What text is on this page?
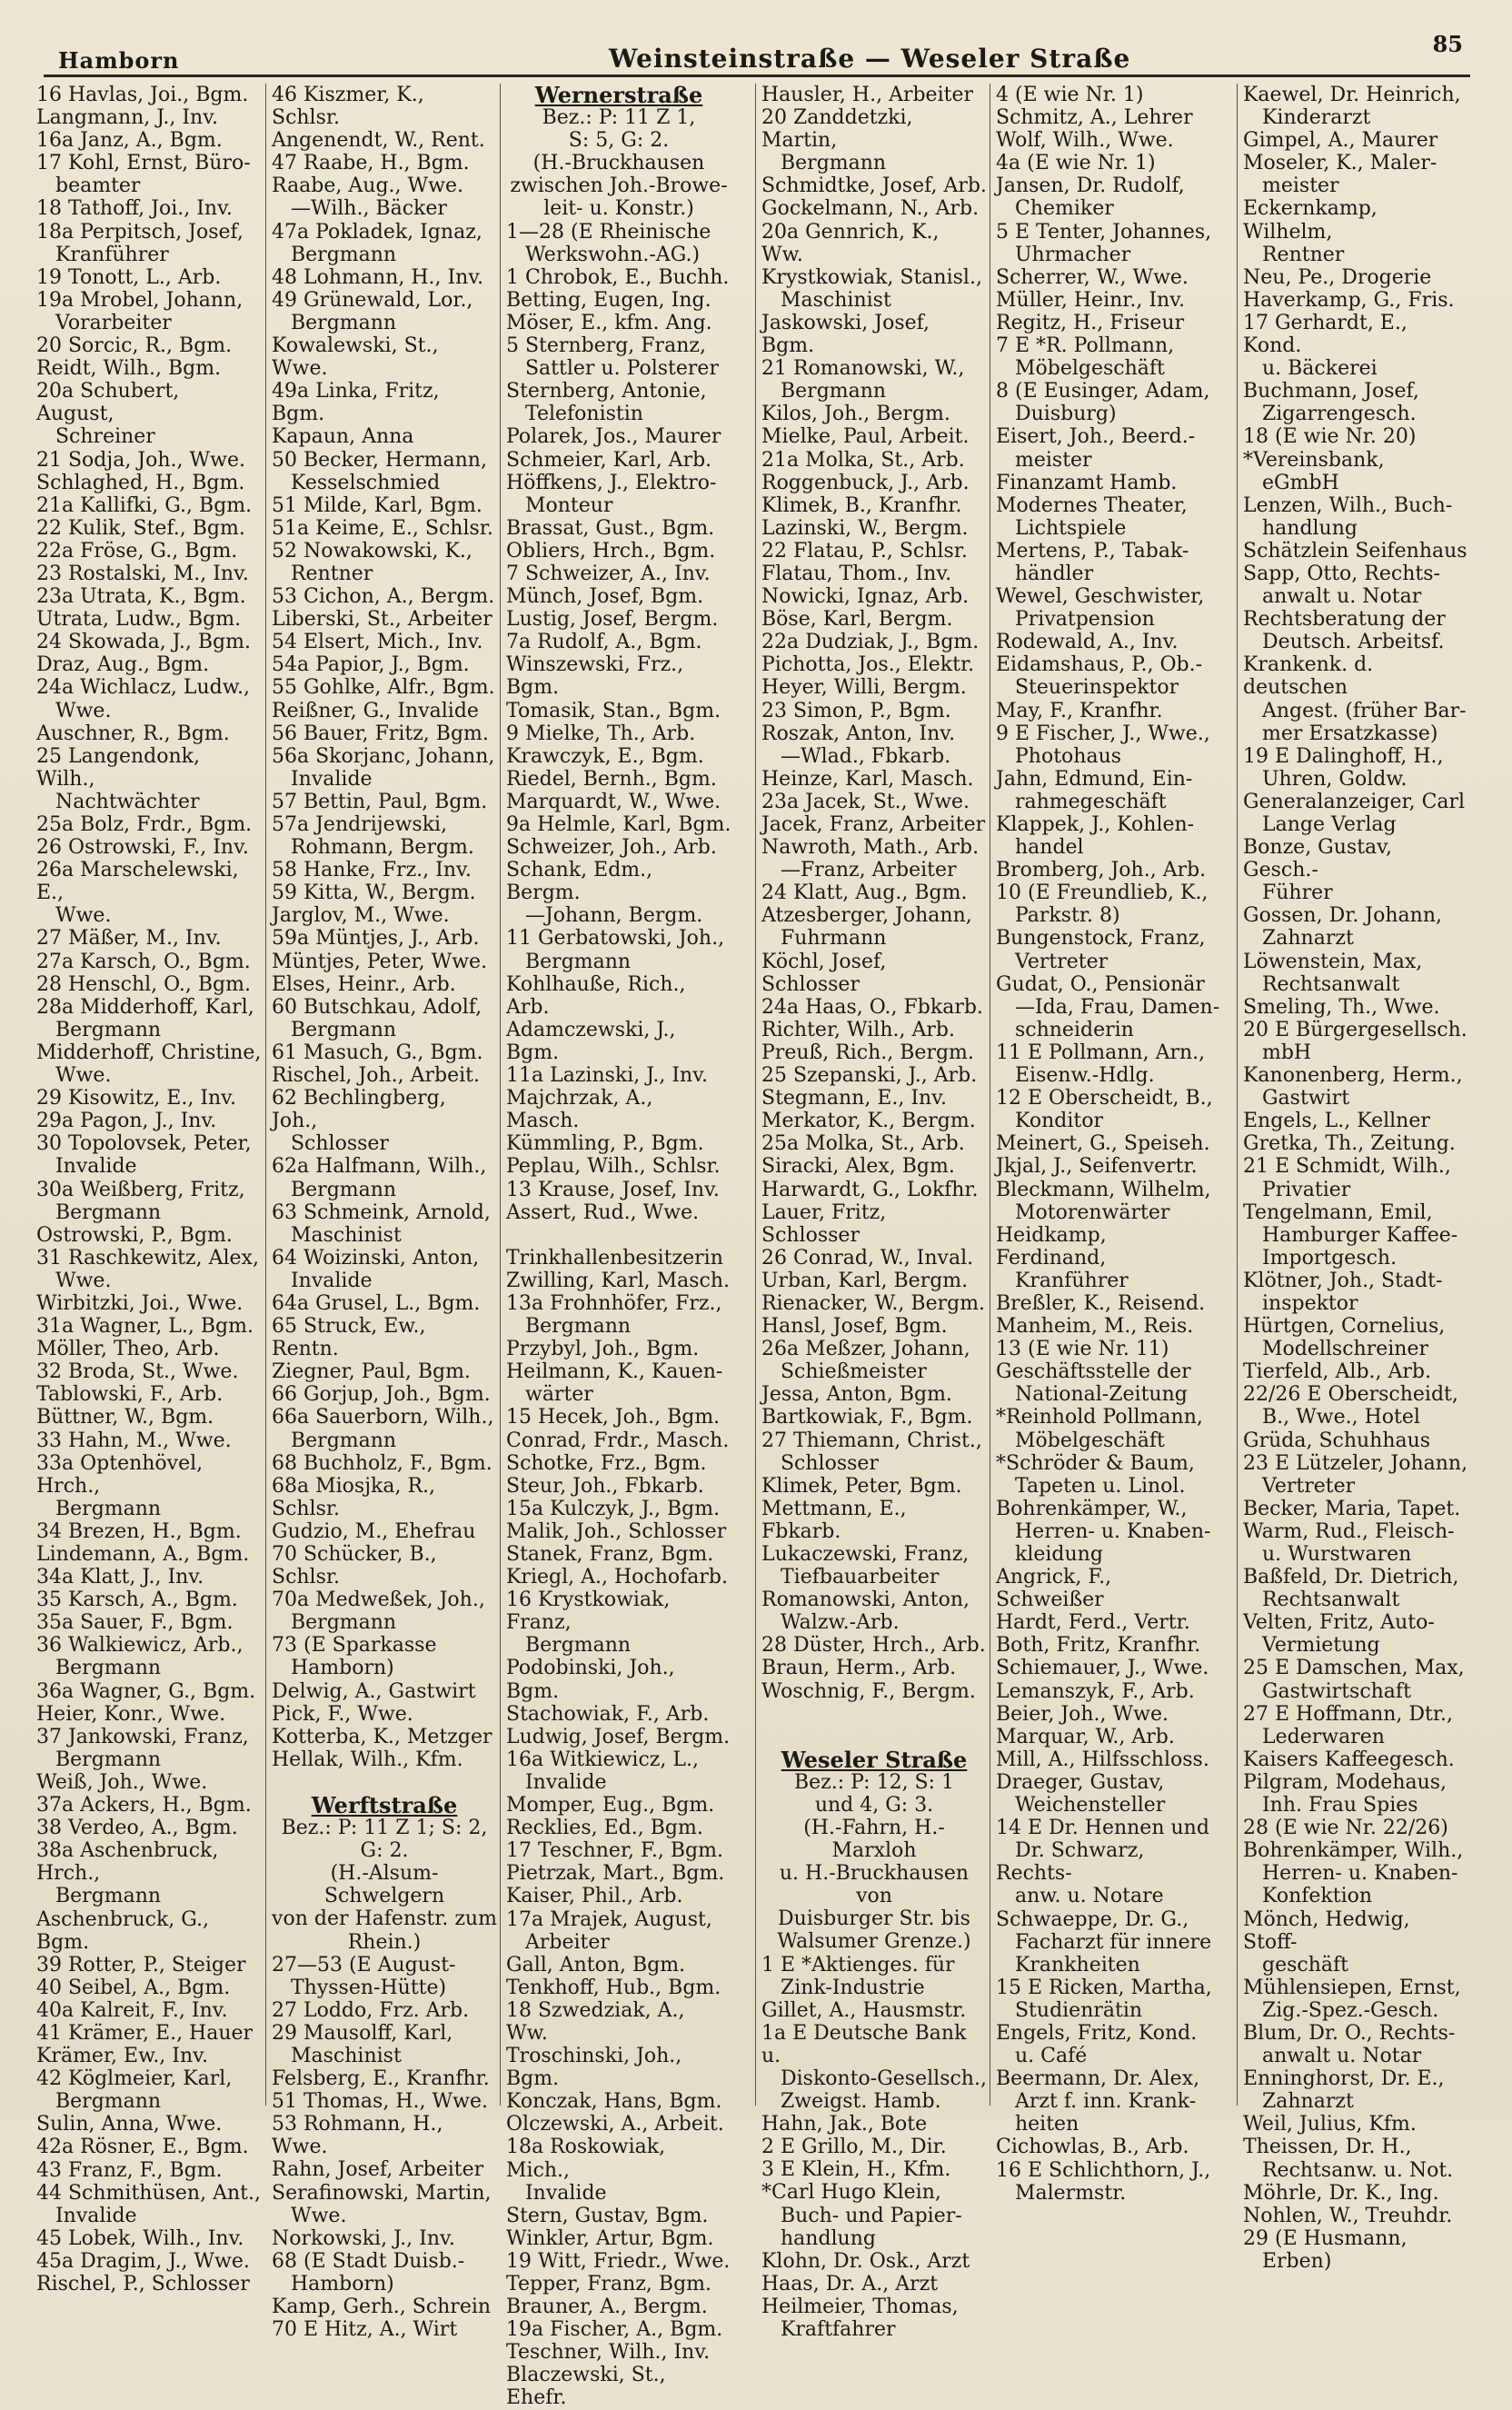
Hamborn	Weinsteinstraße — Weseler Straße	85

16 Havlas, Joi., Bgm.

Langmann, J., Inv.

16a Janz, A., Bgm.

17 Kohl, Ernst, Büro-

beamter

18 Tathoff, Joi., Inv.

18a Perpitsch, Josef,

Kranführer

19 Tonott, L., Arb.

19a Mrobel, Johann,

Vorarbeiter

20 Sorcic, R., Bgm.

Reidt, Wilh., Bgm.

20a Schubert, August,

Schreiner

21 Sodja, Joh., Wwe.

Schlaghed, H., Bgm.

21a Kallifki, G., Bgm.

22 Kulik, Stef., Bgm.

22a Fröse, G., Bgm.

23 Rostalski, M., Inv.

23a Utrata, K., Bgm.

Utrata, Ludw., Bgm.

24 Skowada, J., Bgm.

Draz, Aug., Bgm.

24a Wichlacz, Ludw.,

Wwe.

Auschner, R., Bgm.

25 Langendonk, Wilh.,

Nachtwächter

25a Bolz, Frdr., Bgm.

26 Ostrowski, F., Inv.

26a Marschelewski, E.,

Wwe.

27 Mäßer, M., Inv.

27a Karsch, O., Bgm.

28 Henschl, O., Bgm.

28a Midderhoff, Karl,

Bergmann

Midderhoff, Christine,

Wwe.

29 Kisowitz, E., Inv.

29a Pagon, J., Inv.

30 Topolovsek, Peter,

Invalide

30a Weißberg, Fritz,

Bergmann

Ostrowski, P., Bgm.

31 Raschkewitz, Alex,

Wwe.

Wirbitzki, Joi., Wwe.

31a Wagner, L., Bgm.

Möller, Theo, Arb.

32 Broda, St., Wwe.

Tablowski, F., Arb.

Büttner, W., Bgm.

33 Hahn, M., Wwe.

33a Optenhövel, Hrch.,

Bergmann

34 Brezen, H., Bgm.

Lindemann, A., Bgm.

34a Klatt, J., Inv.

35 Karsch, A., Bgm.

35a Sauer, F., Bgm.

36 Walkiewicz, Arb.,

Bergmann

36a Wagner, G., Bgm.

Heier, Konr., Wwe.

37 Jankowski, Franz,

Bergmann

Weiß, Joh., Wwe.

37a Ackers, H., Bgm.

38 Verdeo, A., Bgm.

38a Aschenbruck, Hrch.,

Bergmann

Aschenbruck, G., Bgm.

39 Rotter, P., Steiger

40 Seibel, A., Bgm.

40a Kalreit, F., Inv.

41 Krämer, E., Hauer

Krämer, Ew., Inv.

42 Köglmeier, Karl,

Bergmann

Sulin, Anna, Wwe.

42a Rösner, E., Bgm.

43 Franz, F., Bgm.

44 Schmithüsen, Ant.,

Invalide

45 Lobek, Wilh., Inv.

45a Dragim, J., Wwe.

Rischel, P., Schlosser

46 Kiszmer, K., Schlsr.

Angenendt, W., Rent.

47 Raabe, H., Bgm.

Raabe, Aug., Wwe.

—Wilh., Bäcker

47a Pokladek, Ignaz,

Bergmann

48 Lohmann, H., Inv.

49 Grünewald, Lor.,

Bergmann

Kowalewski, St., Wwe.

49a Linka, Fritz, Bgm.

Kapaun, Anna

50 Becker, Hermann,

Kesselschmied

51 Milde, Karl, Bgm.

51a Keime, E., Schlsr.

52 Nowakowski, K.,

Rentner

53 Cichon, A., Bergm.

Liberski, St., Arbeiter

54 Elsert, Mich., Inv.

54a Papior, J., Bgm.

55 Gohlke, Alfr., Bgm.

Reißner, G., Invalide

56 Bauer, Fritz, Bgm.

56a Skorjanc, Johann,

Invalide

57 Bettin, Paul, Bgm.

57a Jendrijewski,

Rohmann, Bergm.

58 Hanke, Frz., Inv.

59 Kitta, W., Bergm.

Jarglov, M., Wwe.

59a Müntjes, J., Arb.

Müntjes, Peter, Wwe.

Elses, Heinr., Arb.

60 Butschkau, Adolf,

Bergmann

61 Masuch, G., Bgm.

Rischel, Joh., Arbeit.

62 Bechlingberg, Joh.,

Schlosser

62a Halfmann, Wilh.,

Bergmann

63 Schmeink, Arnold,

Maschinist

64 Woizinski, Anton,

Invalide

64a Grusel, L., Bgm.

65 Struck, Ew., Rentn.

Ziegner, Paul, Bgm.

66 Gorjup, Joh., Bgm.

66a Sauerborn, Wilh.,

Bergmann

68 Buchholz, F., Bgm.

68a Miosjka, R., Schlsr.

Gudzio, M., Ehefrau

70 Schücker, B., Schlsr.

70a Medweßek, Joh.,

Bergmann

73 (E Sparkasse

Hamborn)

Delwig, A., Gastwirt

Pick, F., Wwe.

Kotterba, K., Metzger

Hellak, Wilh., Kfm.

Werftstraße

Bez.: P: 11 Z 1; S: 2,

G: 2.

(H.-Alsum-Schwelgern

von der Hafenstr. zum

Rhein.)

27—53 (E August-

Thyssen-Hütte)

27 Loddo, Frz. Arb.

29 Mausolff, Karl,

Maschinist

Felsberg, E., Kranfhr.

51 Thomas, H., Wwe.

53 Rohmann, H., Wwe.

Rahn, Josef, Arbeiter

Serafinowski, Martin,

Wwe.

Norkowski, J., Inv.

68 (E Stadt Duisb.-

Hamborn)

Kamp, Gerh., Schrein

70 E Hitz, A., Wirt

Wernerstraße

Bez.: P: 11 Z 1,

S: 5, G: 2.

(H.-Bruckhausen

zwischen Joh.-Browe-

leit- u. Konstr.)

1—28 (E Rheinische

Werkswohn.-AG.)

1 Chrobok, E., Buchh.

Betting, Eugen, Ing.

Möser, E., kfm. Ang.

5 Sternberg, Franz,

Sattler u. Polsterer

Sternberg, Antonie,

Telefonistin

Polarek, Jos., Maurer

Schmeier, Karl, Arb.

Höffkens, J., Elektro-

Monteur

Brassat, Gust., Bgm.

Obliers, Hrch., Bgm.

7 Schweizer, A., Inv.

Münch, Josef, Bgm.

Lustig, Josef, Bergm.

7a Rudolf, A., Bgm.

Winszewski, Frz., Bgm.

Tomasik, Stan., Bgm.

9 Mielke, Th., Arb.

Krawczyk, E., Bgm.

Riedel, Bernh., Bgm.

Marquardt, W., Wwe.

9a Helmle, Karl, Bgm.

Schweizer, Joh., Arb.

Schank, Edm., Bergm.

—Johann, Bergm.

11 Gerbatowski, Joh.,

Bergmann

Kohlhauße, Rich., Arb.

Adamczewski, J., Bgm.

11a Lazinski, J., Inv.

Majchrzak, A., Masch.

Kümmling, P., Bgm.

Peplau, Wilh., Schlsr.

13 Krause, Josef, Inv.

Assert, Rud., Wwe.

Trinkhallenbesitzerin

Zwilling, Karl, Masch.

13a Frohnhöfer, Frz.,

Bergmann

Przybyl, Joh., Bgm.

Heilmann, K., Kauen-

wärter

15 Hecek, Joh., Bgm.

Conrad, Frdr., Masch.

Schotke, Frz., Bgm.

Steur, Joh., Fbkarb.

15a Kulczyk, J., Bgm.

Malik, Joh., Schlosser

Stanek, Franz, Bgm.

Kriegl, A., Hochofarb.

16 Krystkowiak, Franz,

Bergmann

Podobinski, Joh., Bgm.

Stachowiak, F., Arb.

Ludwig, Josef, Bergm.

16a Witkiewicz, L.,

Invalide

Momper, Eug., Bgm.

Recklies, Ed., Bgm.

17 Teschner, F., Bgm.

Pietrzak, Mart., Bgm.

Kaiser, Phil., Arb.

17a Mrajek, August,

Arbeiter

Gall, Anton, Bgm.

Tenkhoff, Hub., Bgm.

18 Szwedziak, A., Ww.

Troschinski, Joh., Bgm.

Konczak, Hans, Bgm.

Olczewski, A., Arbeit.

18a Roskowiak, Mich.,

Invalide

Stern, Gustav, Bgm.

Winkler, Artur, Bgm.

19 Witt, Friedr., Wwe.

Tepper, Franz, Bgm.

Brauner, A., Bergm.

19a Fischer, A., Bgm.

Teschner, Wilh., Inv.

Blaczewski, St., Ehefr.

Hausler, H., Arbeiter

20 Zanddetzki, Martin,

Bergmann

Schmidtke, Josef, Arb.

Gockelmann, N., Arb.

20a Gennrich, K., Ww.

Krystkowiak, Stanisl.,

Maschinist

Jaskowski, Josef, Bgm.

21 Romanowski, W.,

Bergmann

Kilos, Joh., Bergm.

Mielke, Paul, Arbeit.

21a Molka, St., Arb.

Roggenbuck, J., Arb.

Klimek, B., Kranfhr.

Lazinski, W., Bergm.

22 Flatau, P., Schlsr.

Flatau, Thom., Inv.

Nowicki, Ignaz, Arb.

Böse, Karl, Bergm.

22a Dudziak, J., Bgm.

Pichotta, Jos., Elektr.

Heyer, Willi, Bergm.

23 Simon, P., Bgm.

Roszak, Anton, Inv.

—Wlad., Fbkarb.

Heinze, Karl, Masch.

23a Jacek, St., Wwe.

Jacek, Franz, Arbeiter

Nawroth, Math., Arb.

—Franz, Arbeiter

24 Klatt, Aug., Bgm.

Atzesberger, Johann,

Fuhrmann

Köchl, Josef, Schlosser

24a Haas, O., Fbkarb.

Richter, Wilh., Arb.

Preuß, Rich., Bergm.

25 Szepanski, J., Arb.

Stegmann, E., Inv.

Merkator, K., Bergm.

25a Molka, St., Arb.

Siracki, Alex, Bgm.

Harwardt, G., Lokfhr.

Lauer, Fritz, Schlosser

26 Conrad, W., Inval.

Urban, Karl, Bergm.

Rienacker, W., Bergm.

Hansl, Josef, Bgm.

26a Meßzer, Johann,

Schießmeister

Jessa, Anton, Bgm.

Bartkowiak, F., Bgm.

27 Thiemann, Christ.,

Schlosser

Klimek, Peter, Bgm.

Mettmann, E., Fbkarb.

Lukaczewski, Franz,

Tiefbauarbeiter

Romanowski, Anton,

Walzw.-Arb.

28 Düster, Hrch., Arb.

Braun, Herm., Arb.

Woschnig, F., Bergm.

Weseler Straße

Bez.: P: 12, S: 1

und 4, G: 3.

(H.-Fahrn, H.-Marxloh

u. H.-Bruckhausen von

Duisburger Str. bis

Walsumer Grenze.)

1 E *Aktienges. für

Zink-Industrie

Gillet, A., Hausmstr.

1a E Deutsche Bank u.

Diskonto-Gesellsch.,

Zweigst. Hamb.

Hahn, Jak., Bote

2 E Grillo, M., Dir.

3 E Klein, H., Kfm.

*Carl Hugo Klein,

Buch- und Papier-

handlung

Klohn, Dr. Osk., Arzt

Haas, Dr. A., Arzt

Heilmeier, Thomas,

Kraftfahrer

4 (E wie Nr. 1)

Schmitz, A., Lehrer

Wolf, Wilh., Wwe.

4a (E wie Nr. 1)

Jansen, Dr. Rudolf,

Chemiker

5 E Tenter, Johannes,

Uhrmacher

Scherrer, W., Wwe.

Müller, Heinr., Inv.

Regitz, H., Friseur

7 E *R. Pollmann,

Möbelgeschäft

8 (E Eusinger, Adam,

Duisburg)

Eisert, Joh., Beerd.-

meister

Finanzamt Hamb.

Modernes Theater,

Lichtspiele

Mertens, P., Tabak-

händler

Wewel, Geschwister,

Privatpension

Rodewald, A., Inv.

Eidamshaus, P., Ob.-

Steuerinspektor

May, F., Kranfhr.

9 E Fischer, J., Wwe.,

Photohaus

Jahn, Edmund, Ein-

rahmegeschäft

Klappek, J., Kohlen-

handel

Bromberg, Joh., Arb.

10 (E Freundlieb, K.,

Parkstr. 8)

Bungenstock, Franz,

Vertreter

Gudat, O., Pensionär

—Ida, Frau, Damen-

schneiderin

11 E Pollmann, Arn.,

Eisenw.-Hdlg.

12 E Oberscheidt, B.,

Konditor

Meinert, G., Speiseh.

Jkjal, J., Seifenvertr.

Bleckmann, Wilhelm,

Motorenwärter

Heidkamp, Ferdinand,

Kranführer

Breßler, K., Reisend.

Manheim, M., Reis.

13 (E wie Nr. 11)

Geschäftsstelle der

National-Zeitung

*Reinhold Pollmann,

Möbelgeschäft

*Schröder & Baum,

Tapeten u. Linol.

Bohrenkämper, W.,

Herren- u. Knaben-

kleidung

Angrick, F., Schweißer

Hardt, Ferd., Vertr.

Both, Fritz, Kranfhr.

Schiemauer, J., Wwe.

Lemanszyk, F., Arb.

Beier, Joh., Wwe.

Marquar, W., Arb.

Mill, A., Hilfsschloss.

Draeger, Gustav,

Weichensteller

14 E Dr. Hennen und

Dr. Schwarz, Rechts-

anw. u. Notare

Schwaeppe, Dr. G.,

Facharzt für innere

Krankheiten

15 E Ricken, Martha,

Studienrätin

Engels, Fritz, Kond.

u. Café

Beermann, Dr. Alex,

Arzt f. inn. Krank-

heiten

Cichowlas, B., Arb.

16 E Schlichthorn, J.,

Malermstr.

Kaewel, Dr. Heinrich,

Kinderarzt

Gimpel, A., Maurer

Moseler, K., Maler-

meister

Eckernkamp, Wilhelm,

Rentner

Neu, Pe., Drogerie

Haverkamp, G., Fris.

17 Gerhardt, E., Kond.

u. Bäckerei

Buchmann, Josef,

Zigarrengesch.

18 (E wie Nr. 20)

*Vereinsbank,

eGmbH

Lenzen, Wilh., Buch-

handlung

Schätzlein Seifenhaus

Sapp, Otto, Rechts-

anwalt u. Notar

Rechtsberatung der

Deutsch. Arbeitsf.

Krankenk. d. deutschen

Angest. (früher Bar-

mer Ersatzkasse)

19 E Dalinghoff, H.,

Uhren, Goldw.

Generalanzeiger, Carl

Lange Verlag

Bonze, Gustav, Gesch.-

Führer

Gossen, Dr. Johann,

Zahnarzt

Löwenstein, Max,

Rechtsanwalt

Smeling, Th., Wwe.

20 E Bürgergesellsch.

mbH

Kanonenberg, Herm.,

Gastwirt

Engels, L., Kellner

Gretka, Th., Zeitung.

21 E Schmidt, Wilh.,

Privatier

Tengelmann, Emil,

Hamburger Kaffee-

Importgesch.

Klötner, Joh., Stadt-

inspektor

Hürtgen, Cornelius,

Modellschreiner

Tierfeld, Alb., Arb.

22/26 E Oberscheidt,

B., Wwe., Hotel

Grüda, Schuhhaus

23 E Lützeler, Johann,

Vertreter

Becker, Maria, Tapet.

Warm, Rud., Fleisch-

u. Wurstwaren

Baßfeld, Dr. Dietrich,

Rechtsanwalt

Velten, Fritz, Auto-

Vermietung

25 E Damschen, Max,

Gastwirtschaft

27 E Hoffmann, Dtr.,

Lederwaren

Kaisers Kaffeegesch.

Pilgram, Modehaus,

Inh. Frau Spies

28 (E wie Nr. 22/26)

Bohrenkämper, Wilh.,

Herren- u. Knaben-

Konfektion

Mönch, Hedwig, Stoff-

geschäft

Mühlensiepen, Ernst,

Zig.-Spez.-Gesch.

Blum, Dr. O., Rechts-

anwalt u. Notar

Enninghorst, Dr. E.,

Zahnarzt

Weil, Julius, Kfm.

Theissen, Dr. H.,

Rechtsanw. u. Not.

Möhrle, Dr. K., Ing.

Nohlen, W., Treuhdr.

29 (E Husmann,

Erben)
